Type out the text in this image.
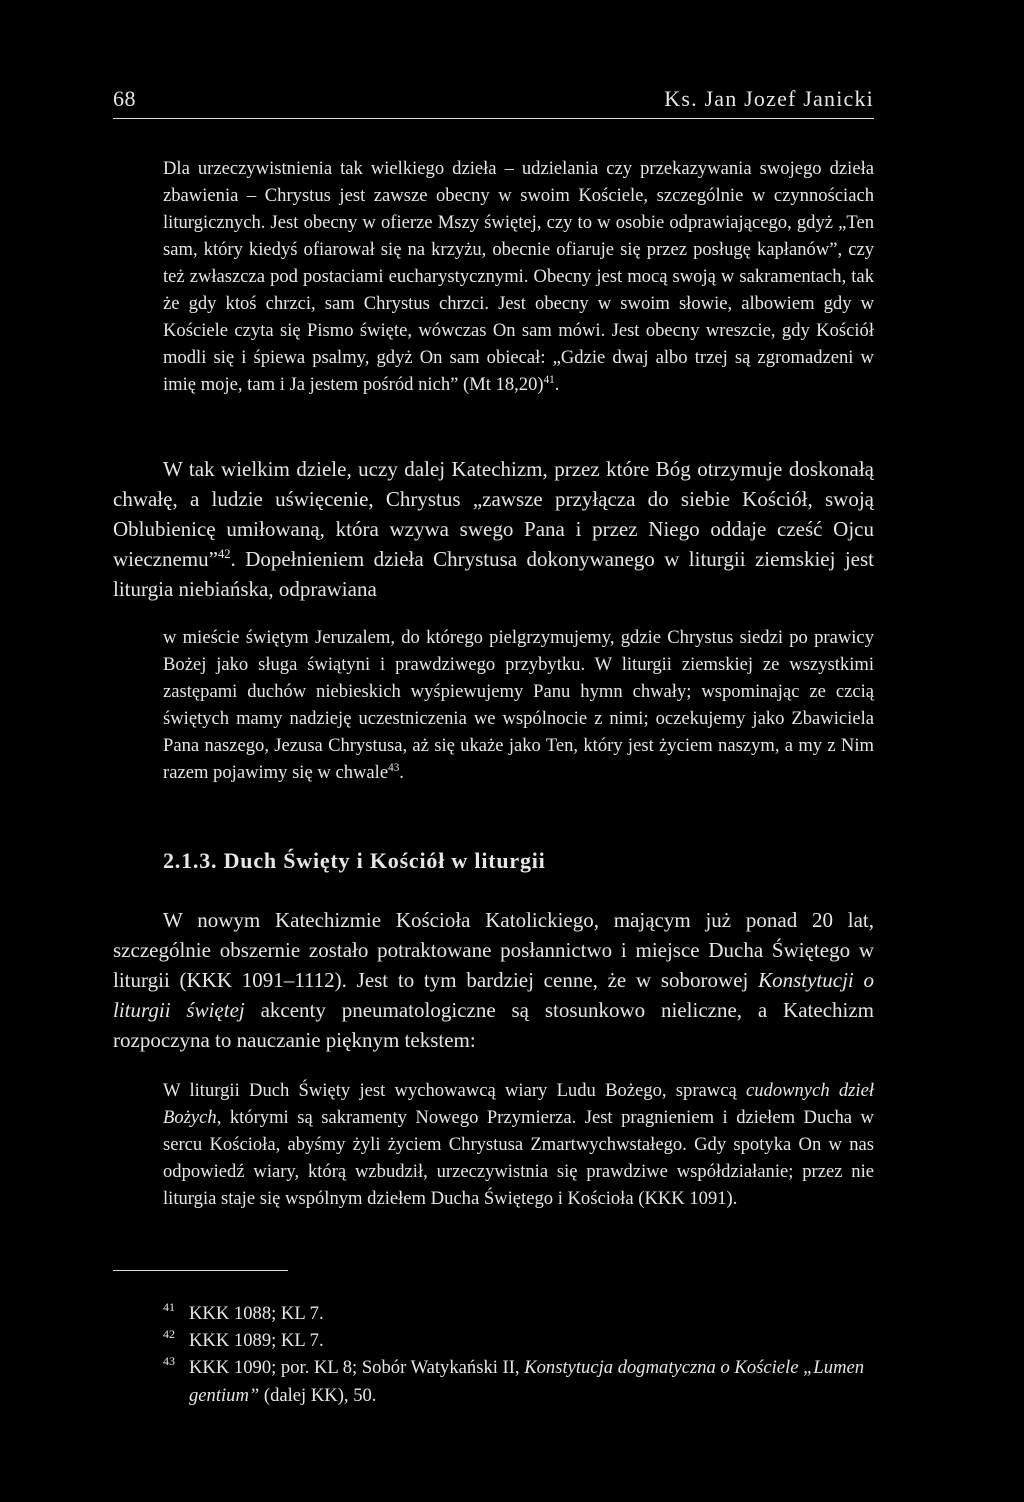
68	Ks. Jan Jozef Janicki

Dla urzeczywistnienia tak wielkiego dzieła – udzielania czy przekazywania swojego dzieła zbawienia – Chrystus jest zawsze obecny w swoim Kościele, szczególnie w czynnościach liturgicznych. Jest obecny w ofierze Mszy świętej, czy to w osobie odprawiającego, gdyż „Ten sam, który kiedyś ofiarował się na krzyżu, obecnie ofiaruje się przez posługę kapłanów”, czy też zwłaszcza pod postaciami eucharystycznymi. Obecny jest mocą swoją w sakramentach, tak że gdy ktoś chrzci, sam Chrystus chrzci. Jest obecny w swoim słowie, albowiem gdy w Kościele czyta się Pismo święte, wówczas On sam mówi. Jest obecny wreszcie, gdy Kościół modli się i śpiewa psalmy, gdyż On sam obiecał: „Gdzie dwaj albo trzej są zgromadzeni w imię moje, tam i Ja jestem pośród nich” (Mt 18,20)$^{41}$.

W tak wielkim dziele, uczy dalej Katechizm, przez które Bóg otrzymuje doskonałą chwałę, a ludzie uświęcenie, Chrystus „zawsze przyłącza do siebie Kościół, swoją Oblubienicę umiłowaną, która wzywa swego Pana i przez Niego oddaje cześć Ojcu wiecznemu”$^{42}$. Dopełnieniem dzieła Chrystusa dokonywanego w liturgii ziemskiej jest liturgia niebiańska, odprawiana

w mieście świętym Jeruzalem, do którego pielgrzymujemy, gdzie Chrystus siedzi po prawicy Bożej jako sługa świątyni i prawdziwego przybytku. W liturgii ziemskiej ze wszystkimi zastępami duchów niebieskich wyśpiewujemy Panu hymn chwały; wspominając ze czcią świętych mamy nadzieję uczestniczenia we wspólnocie z nimi; oczekujemy jako Zbawiciela Pana naszego, Jezusa Chrystusa, aż się ukaże jako Ten, który jest życiem naszym, a my z Nim razem pojawimy się w chwale$^{43}$.

2.1.3. Duch Święty i Kościół w liturgii

W nowym Katechizmie Kościoła Katolickiego, mającym już ponad 20 lat, szczególnie obszernie zostało potraktowane posłannictwo i miejsce Ducha Świętego w liturgii (KKK 1091–1112). Jest to tym bardziej cenne, że w soborowej Konstytucji o liturgii świętej akcenty pneumatologiczne są stosunkowo nieliczne, a Katechizm rozpoczyna to nauczanie pięknym tekstem:

W liturgii Duch Święty jest wychowawcą wiary Ludu Bożego, sprawcą cudownych dzieł Bożych, którymi są sakramenty Nowego Przymierza. Jest pragnieniem i dziełem Ducha w sercu Kościoła, abyśmy żyli życiem Chrystusa Zmartwychwstałego. Gdy spotyka On w nas odpowiedź wiary, którą wzbudził, urzeczywistnia się prawdziwe współdziałanie; przez nie liturgia staje się wspólnym dziełem Ducha Świętego i Kościoła (KKK 1091).

41 KKK 1088; KL 7.

42 KKK 1089; KL 7.

43 KKK 1090; por. KL 8; Sobór Watykański II, Konstytucja dogmatyczna o Kościele „Lumen gentium” (dalej KK), 50.
